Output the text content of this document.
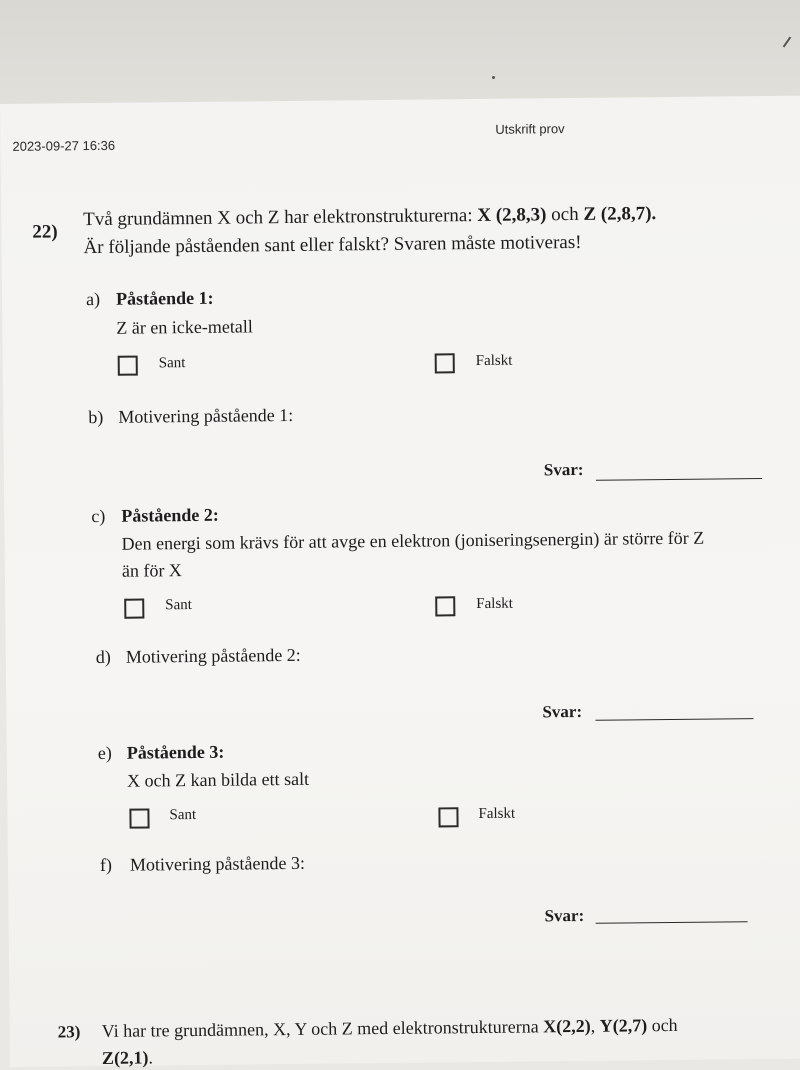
2023-09-27 16:36
Utskrift prov
22)
Två grundämnen X och Z har elektronstrukturerna: X (2,8,3) och Z (2,8,7).
Är följande påståenden sant eller falskt? Svaren måste motiveras!
a) Påstående 1:
Z är en icke-metall
Sant	Falskt
b) Motivering påstående 1:
Svar:
c) Påstående 2:
Den energi som krävs för att avge en elektron (joniseringsenergin) är större för Z
än för X
Sant	Falskt
d) Motivering påstående 2:
Svar:
e) Påstående 3:
X och Z kan bilda ett salt
Sant	Falskt
f) Motivering påstående 3:
Svar:
23) Vi har tre grundämnen, X, Y och Z med elektronstrukturerna X(2,2), Y(2,7) och
Z(2,1).
